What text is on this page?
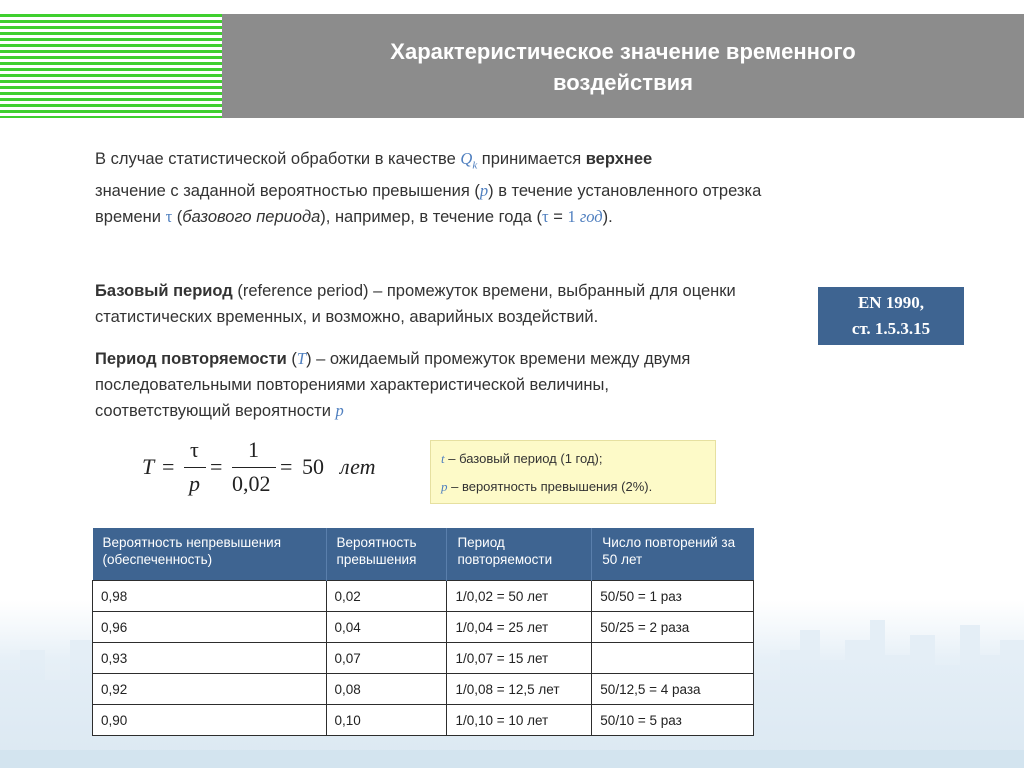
Характеристическое значение временного
воздействия
В случае статистической обработки в качестве $Q_k$ принимается верхнее
значение с заданной вероятностью превышения (p) в течение установленного отрезка времени τ (базового периода), например, в течение года (τ = 1 год).
Базовый период (reference period) – промежуток времени, выбранный для оценки статистических временных, и возможно, аварийных воздействий.
Период повторяемости (T) – ожидаемый промежуток времени между двумя последовательными повторениями характеристической величины, соответствующий вероятности p
EN 1990,
ст. 1.5.3.15
T =
τ
p
=
1
0,02
= 50 лет	t – базовый период (1 год);
p – вероятность превышения (2%).
Вероятность непревышения (обеспеченность)	Вероятность превышения	Период повторяемости	Число повторений за 50 лет
0,98	0,02	1/0,02 = 50 лет	50/50 = 1 раз
0,96	0,04	1/0,04 = 25 лет	50/25 = 2 раза
0,93	0,07	1/0,07 = 15 лет	
0,92	0,08	1/0,08 = 12,5 лет	50/12,5 = 4 раза
0,90	0,10	1/0,10 = 10 лет	50/10 = 5 раз
